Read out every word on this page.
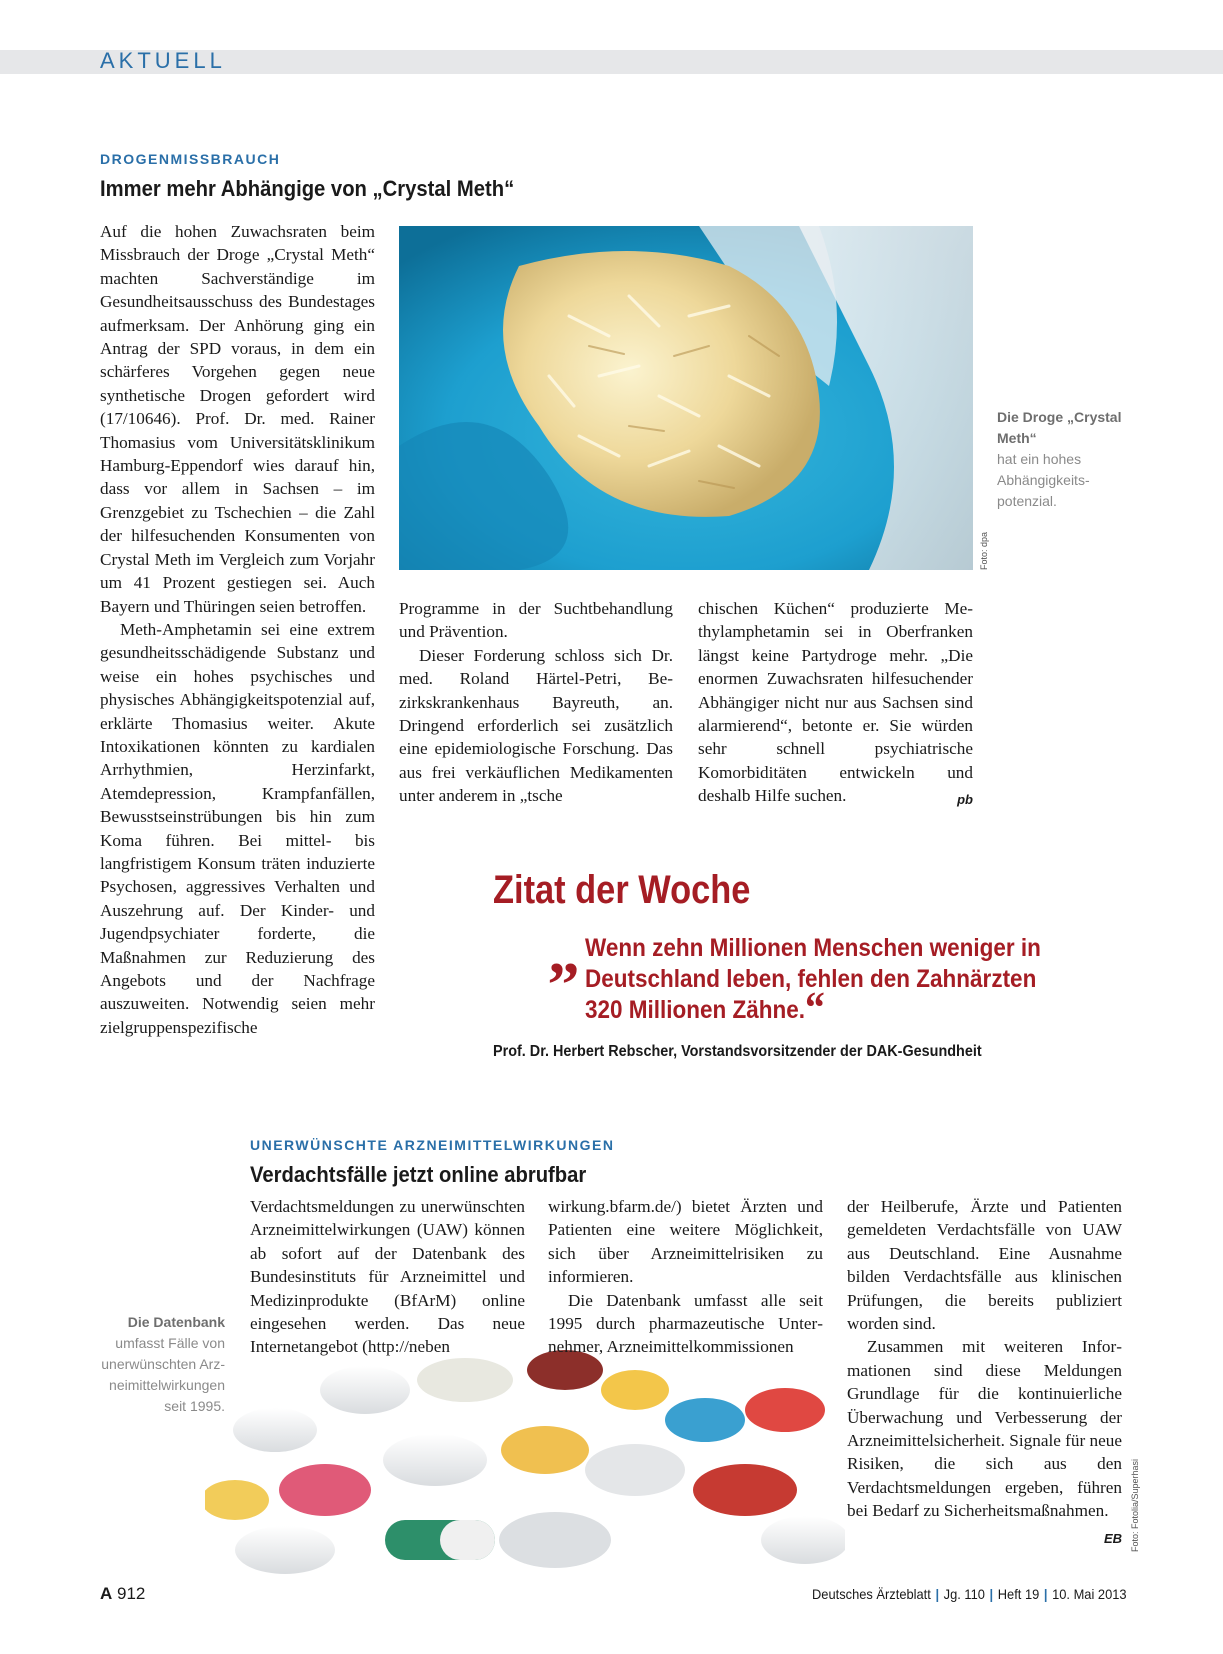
AKTUELL
DROGENMISSBRAUCH
Immer mehr Abhängige von „Crystal Meth“

Auf die hohen Zuwachsraten beim Missbrauch der Droge „Crystal Meth“ machten Sachverständige im Gesundheitsausschuss des Bundestages aufmerksam. Der Anhörung ging ein Antrag der SPD voraus, in dem ein schärferes Vorgehen gegen neue synthetische Drogen gefordert wird (17/10646). Prof. Dr. med. Rainer Thomasius vom Universitätsklinikum Hamburg-Eppendorf wies darauf hin, dass vor allem in Sachsen – im Grenzgebiet zu Tschechien – die Zahl der hilfesuchenden Konsumenten von Crystal Meth im Vergleich zum Vorjahr um 41 Prozent gestiegen sei. Auch Bayern und Thüringen seien betroffen.

Meth-Amphetamin sei eine extrem gesundheitsschädigende Substanz und weise ein hohes psychisches und physisches Abhängigkeitspotenzial auf, erklärte Thomasius weiter. Akute Intoxikationen könnten zu kardialen Arrhythmien, Herzinfarkt, Atemdepression, Krampfanfällen, Bewusstseinstrübungen bis hin zum Koma führen. Bei mittel- bis langfristigem Konsum träten induzierte Psychosen, aggressives Verhalten und Auszehrung auf. Der Kinder- und Jugendpsychiater forderte, die Maßnahmen zur Reduzierung des Angebots und der Nachfrage auszuweiten. Notwendig seien mehr zielgruppenspezifische

Foto: dpa
Die Droge „Crystal Meth“
hat ein hohes Abhängigkeitspotenzial.

Programme in der Suchtbehandlung und Prävention.

Dieser Forderung schloss sich Dr. med. Roland Härtel-Petri, Bezirkskrankenhaus Bayreuth, an. Dringend erforderlich sei zusätzlich eine epidemiologische Forschung. Das aus frei verkäuflichen Medikamenten unter anderem in „tsche

chischen Küchen“ produzierte Methylamphetamin sei in Oberfranken längst keine Partydroge mehr. „Die enormen Zuwachsraten hilfesuchender Abhängiger nicht nur aus Sachsen sind alarmierend“, betonte er. Sie würden sehr schnell psychiatrische Komorbiditäten entwickeln und deshalb Hilfe suchen.	pb

Zitat der Woche
„ Wenn zehn Millionen Menschen weniger in Deutschland leben, fehlen den Zahnärzten 320 Millionen Zähne.“
Prof. Dr. Herbert Rebscher, Vorstandsvorsitzender der DAK-Gesundheit
UNERWÜNSCHTE ARZNEIMITTELWIRKUNGEN
Verdachtsfälle jetzt online abrufbar
Die Datenbank
umfasst Fälle von unerwünschten Arzneimittelwirkungen seit 1995.

Verdachtsmeldungen zu unerwünschten Arzneimittelwirkungen (UAW) können ab sofort auf der Datenbank des Bundesinstituts für Arzneimittel und Medizinprodukte (BfArM) online eingesehen werden. Das neue Internetangebot (http://neben

wirkung.bfarm.de/) bietet Ärzten und Patienten eine weitere Möglichkeit, sich über Arzneimittelrisiken zu informieren.

Die Datenbank umfasst alle seit 1995 durch pharmazeutische Unternehmer, Arzneimittelkommissionen

der Heilberufe, Ärzte und Patienten gemeldeten Verdachtsfälle von UAW aus Deutschland. Eine Ausnahme bilden Verdachtsfälle aus klinischen Prüfungen, die bereits publiziert worden sind.

Zusammen mit weiteren Informationen sind diese Meldungen Grundlage für die kontinuierliche Überwachung und Verbesserung der Arzneimittelsicherheit. Signale für neue Risiken, die sich aus den Verdachtsmeldungen ergeben, führen bei Bedarf zu Sicherheitsmaßnahmen.
EB Foto: Fotolia/Superhasi
A 912	Deutsches Ärzteblatt | Jg. 110 | Heft 19 | 10. Mai 2013
